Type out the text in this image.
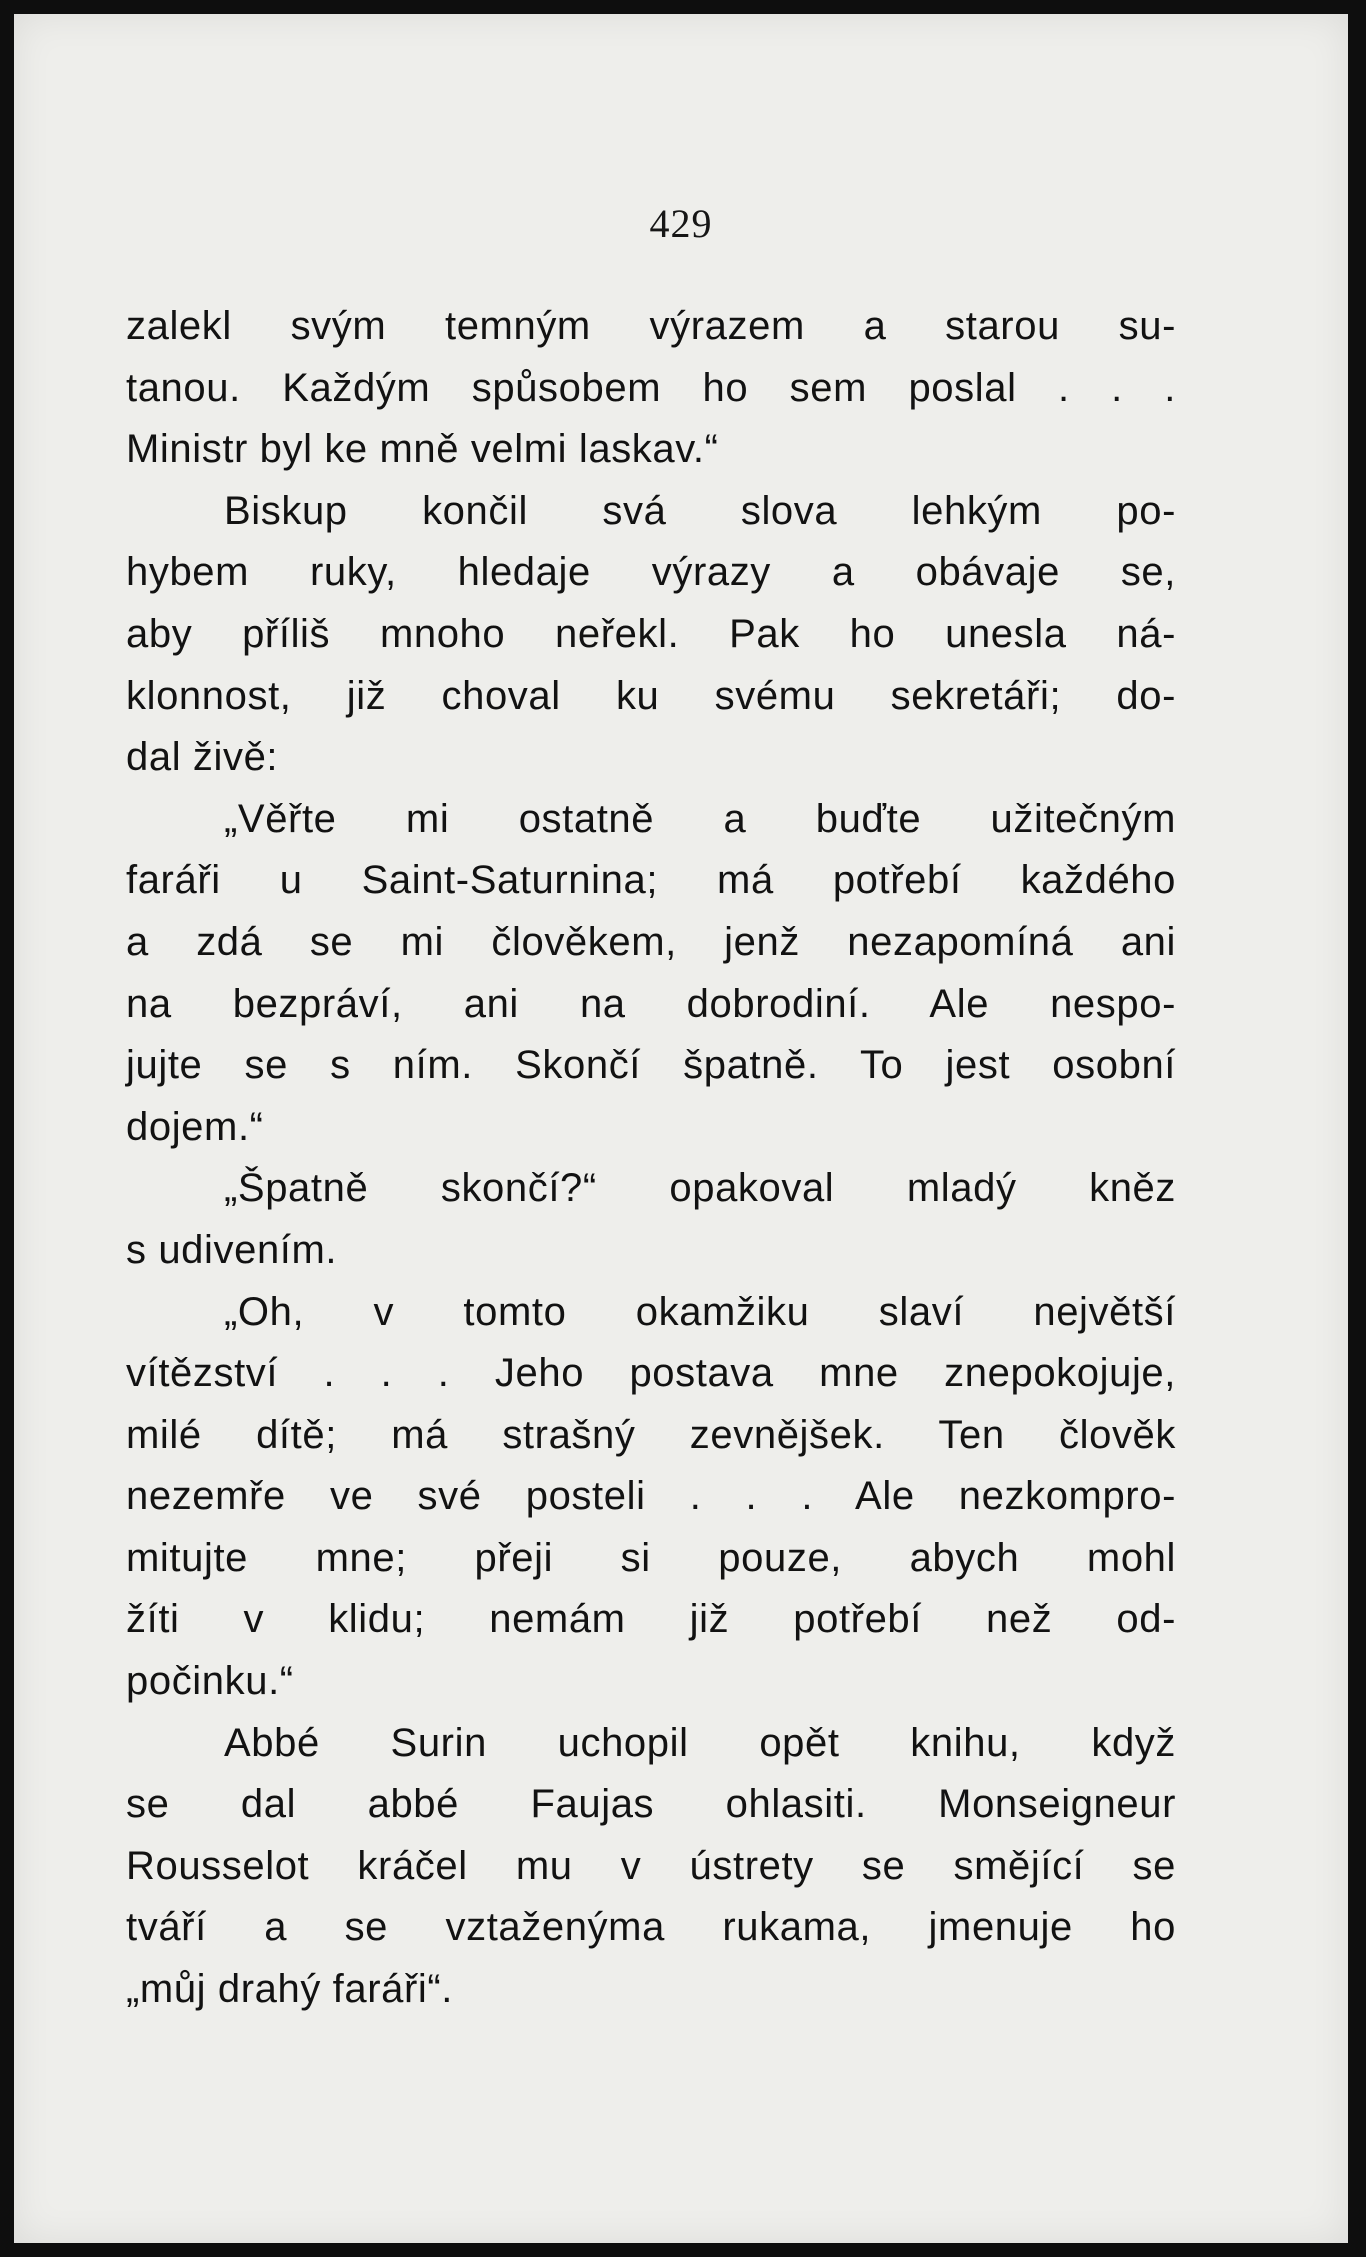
429
zalekl svým temným výrazem a starou su-
tanou. Každým spůsobem ho sem poslal . . .
Ministr byl ke mně velmi laskav.“
Biskup končil svá slova lehkým po-
hybem ruky, hledaje výrazy a obávaje se,
aby příliš mnoho neřekl. Pak ho unesla ná-
klonnost, již choval ku svému sekretáři; do-
dal živě:
„Věřte mi ostatně a buďte užitečným
faráři u Saint-Saturnina; má potřebí každého
a zdá se mi člověkem, jenž nezapomíná ani
na bezpráví, ani na dobrodiní. Ale nespo-
jujte se s ním. Skončí špatně. To jest osobní
dojem.“
„Špatně skončí?“ opakoval mladý kněz
s udivením.
„Oh, v tomto okamžiku slaví největší
vítězství . . . Jeho postava mne znepokojuje,
milé dítě; má strašný zevnějšek. Ten člověk
nezemře ve své posteli . . . Ale nezkompro-
mitujte mne; přeji si pouze, abych mohl
žíti v klidu; nemám již potřebí než od-
počinku.“
Abbé Surin uchopil opět knihu, když
se dal abbé Faujas ohlasiti. Monseigneur
Rousselot kráčel mu v ústrety se smějící se
tváří a se vztaženýma rukama, jmenuje ho
„můj drahý faráři“.
